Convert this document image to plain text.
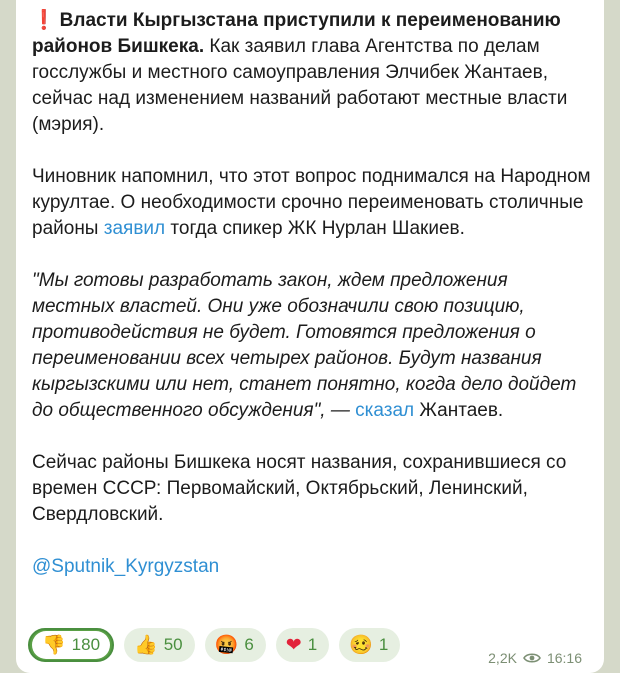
❗ Власти Кыргызстана приступили к переименованию районов Бишкека. Как заявил глава Агентства по делам госслужбы и местного самоуправления Элчибек Жантаев, сейчас над изменением названий работают местные власти (мэрия).

Чиновник напомнил, что этот вопрос поднимался на Народном курултае. О необходимости срочно переименовать столичные районы заявил тогда спикер ЖК Нурлан Шакиев.

"Мы готовы разработать закон, ждем предложения местных властей. Они уже обозначили свою позицию, противодействия не будет. Готовятся предложения о переименовании всех четырех районов. Будут названия кыргызскими или нет, станет понятно, когда дело дойдет до общественного обсуждения", — сказал Жантаев.

Сейчас районы Бишкека носят названия, сохранившиеся со времен СССР: Первомайский, Октябрьский, Ленинский, Свердловский.

@Sputnik_Kyrgyzstan

👎 180 👍 50 🤬 6 ❤ 1 🥴 1
2,2K 16:16
